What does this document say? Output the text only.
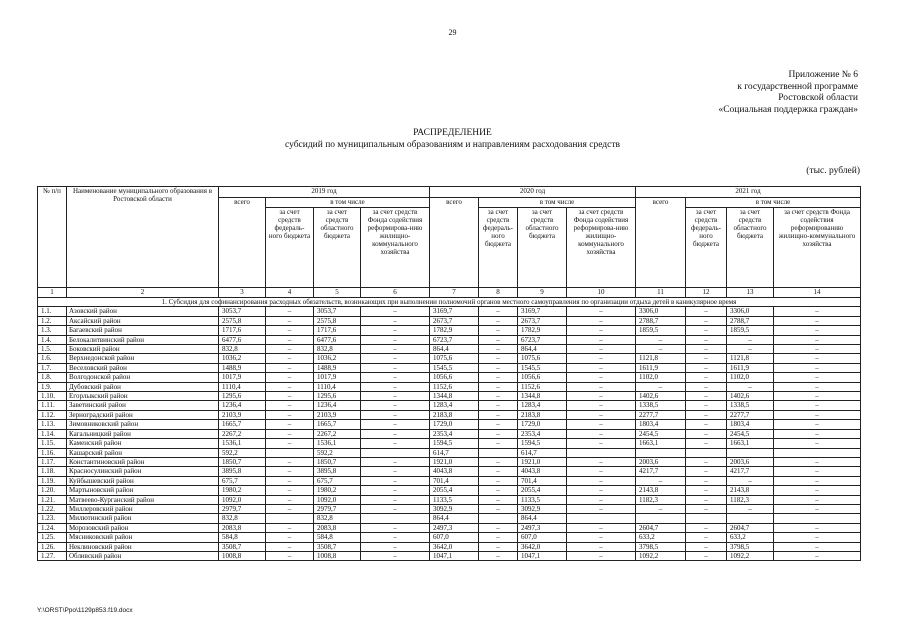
29
Приложение № 6
к государственной программе
Ростовской области
«Социальная поддержка граждан»
РАСПРЕДЕЛЕНИЕ
субсидий по муниципальным образованиям и направлениям расходования средств
(тыс. рублей)
№ п/п	Наименование муниципального образования в Ростовской области	2019 год				2020 год				2021 год			
		всего	в том числе			всего	в том числе			всего	в том числе		
			за счет средств федераль-ного бюджета	за счет средств областного бюджета	за счет средств Фонда содействия реформирова-нию жилищно-коммунального хозяйства		за счет средств федераль-ного бюджета	за счет средств областного бюджета	за счет средств Фонда содействия реформирова-нию жилищно-коммунального хозяйства		за счет средств федераль-ного бюджета	за счет средств областного бюджета	за счет средств Фонда содействия реформированию жилищно-коммунального хозяйства
1	2	3	4	5	6	7	8	9	10	11	12	13	14
1. Субсидия для софинансирования расходных обязательств, возникающих при выполнении полномочий органов местного самоуправления по организации отдыха детей в каникулярное время													
1.1.	Азовский район	3053,7	–	3053,7	–	3169,7	–	3169,7	–	3306,0	–	3306,0	–
1.2.	Аксайский район	2575,8	–	2575,8	–	2673,7	–	2673,7	–	2788,7	–	2788,7	–
1.3.	Багаевский район	1717,6	–	1717,6	–	1782,9	–	1782,9	–	1859,5	–	1859,5	–
1.4.	Белокалитвинский район	6477,6	–	6477,6	–	6723,7	–	6723,7	–	–	–	–	–
1.5.	Боковский район	832,8	–	832,8	–	864,4	–	864,4	–	–	–	–	–
1.6.	Верхнедонской район	1036,2	–	1036,2	–	1075,6	–	1075,6	–	1121,8	–	1121,8	–
1.7.	Веселовский район	1488,9	–	1488,9	–	1545,5	–	1545,5	–	1611,9	–	1611,9	–
1.8.	Волгодонской район	1017,9	–	1017,9	–	1056,6	–	1056,6	–	1102,0	–	1102,0	–
1.9.	Дубовский район	1110,4	–	1110,4	–	1152,6	–	1152,6	–	–	–	–	–
1.10.	Егорлыкский район	1295,6	–	1295,6	–	1344,8	–	1344,8	–	1402,6	–	1402,6	–
1.11.	Заветинский район	1236,4	–	1236,4	–	1283,4	–	1283,4	–	1338,5	–	1338,5	–
1.12.	Зерноградский район	2103,9	–	2103,9	–	2183,8	–	2183,8	–	2277,7	–	2277,7	–
1.13.	Зимовниковский район	1665,7	–	1665,7	–	1729,0	–	1729,0	–	1803,4	–	1803,4	–
1.14.	Кагальницкий район	2267,2	–	2267,2	–	2353,4	–	2353,4	–	2454,5	–	2454,5	–
1.15.	Каменский район	1536,1	–	1536,1	–	1594,5	–	1594,5	–	1663,1	–	1663,1	–
1.16.	Кашарский район	592,2		592,2		614,7		614,7					
1.17.	Константиновский район	1850,7	–	1850,7	–	1921,0	–	1921,0	–	2003,6	–	2003,6	–
1.18.	Красносулинский район	3895,8	–	3895,8	–	4043,8	–	4043,8	–	4217,7	–	4217,7	–
1.19.	Куйбышевский район	675,7	–	675,7	–	701,4	–	701,4	–	–	–	–	–
1.20.	Мартыновский район	1980,2	–	1980,2	–	2055,4	–	2055,4	–	2143,8	–	2143,8	–
1.21.	Матвеево-Курганский район	1092,0	–	1092,0	–	1133,5	–	1133,5	–	1182,3	–	1182,3	–
1.22.	Миллеровский район	2979,7	–	2979,7	–	3092,9	–	3092,9	–	–	–	–	–
1.23.	Милютинский район	832,8		832,8		864,4		864,4					
1.24.	Морозовский район	2083,8	–	2083,8	–	2497,3	–	2497,3	–	2604,7	–	2604,7	–
1.25.	Мясниковский район	584,8	–	584,8	–	607,0	–	607,0	–	633,2	–	633,2	–
1.26.	Неклиновский район	3508,7	–	3508,7	–	3642,0	–	3642,0	–	3798,5	–	3798,5	–
1.27.	Обливский район	1008,8	–	1008,8	–	1047,1	–	1047,1	–	1092,2	–	1092,2	–
Y:\ORST\Ppo\1129p853.f19.docx
